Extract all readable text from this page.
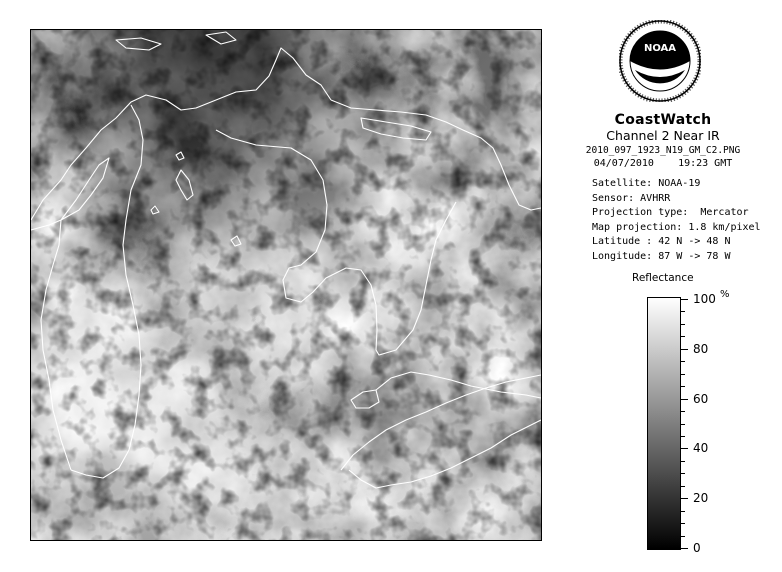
NOAA
CoastWatch
Channel 2 Near IR
2010_097_1923_N19_GM_C2.PNG
04/07/2010 19:23 GMT
Satellite: NOAA-19
Sensor: AVHRR
Projection type:  Mercator
Map projection: 1.8 km/pixel
Latitude : 42 N -> 48 N
Longitude: 87 W -> 78 W
Reflectance
%
100
80
60
40
20
0
